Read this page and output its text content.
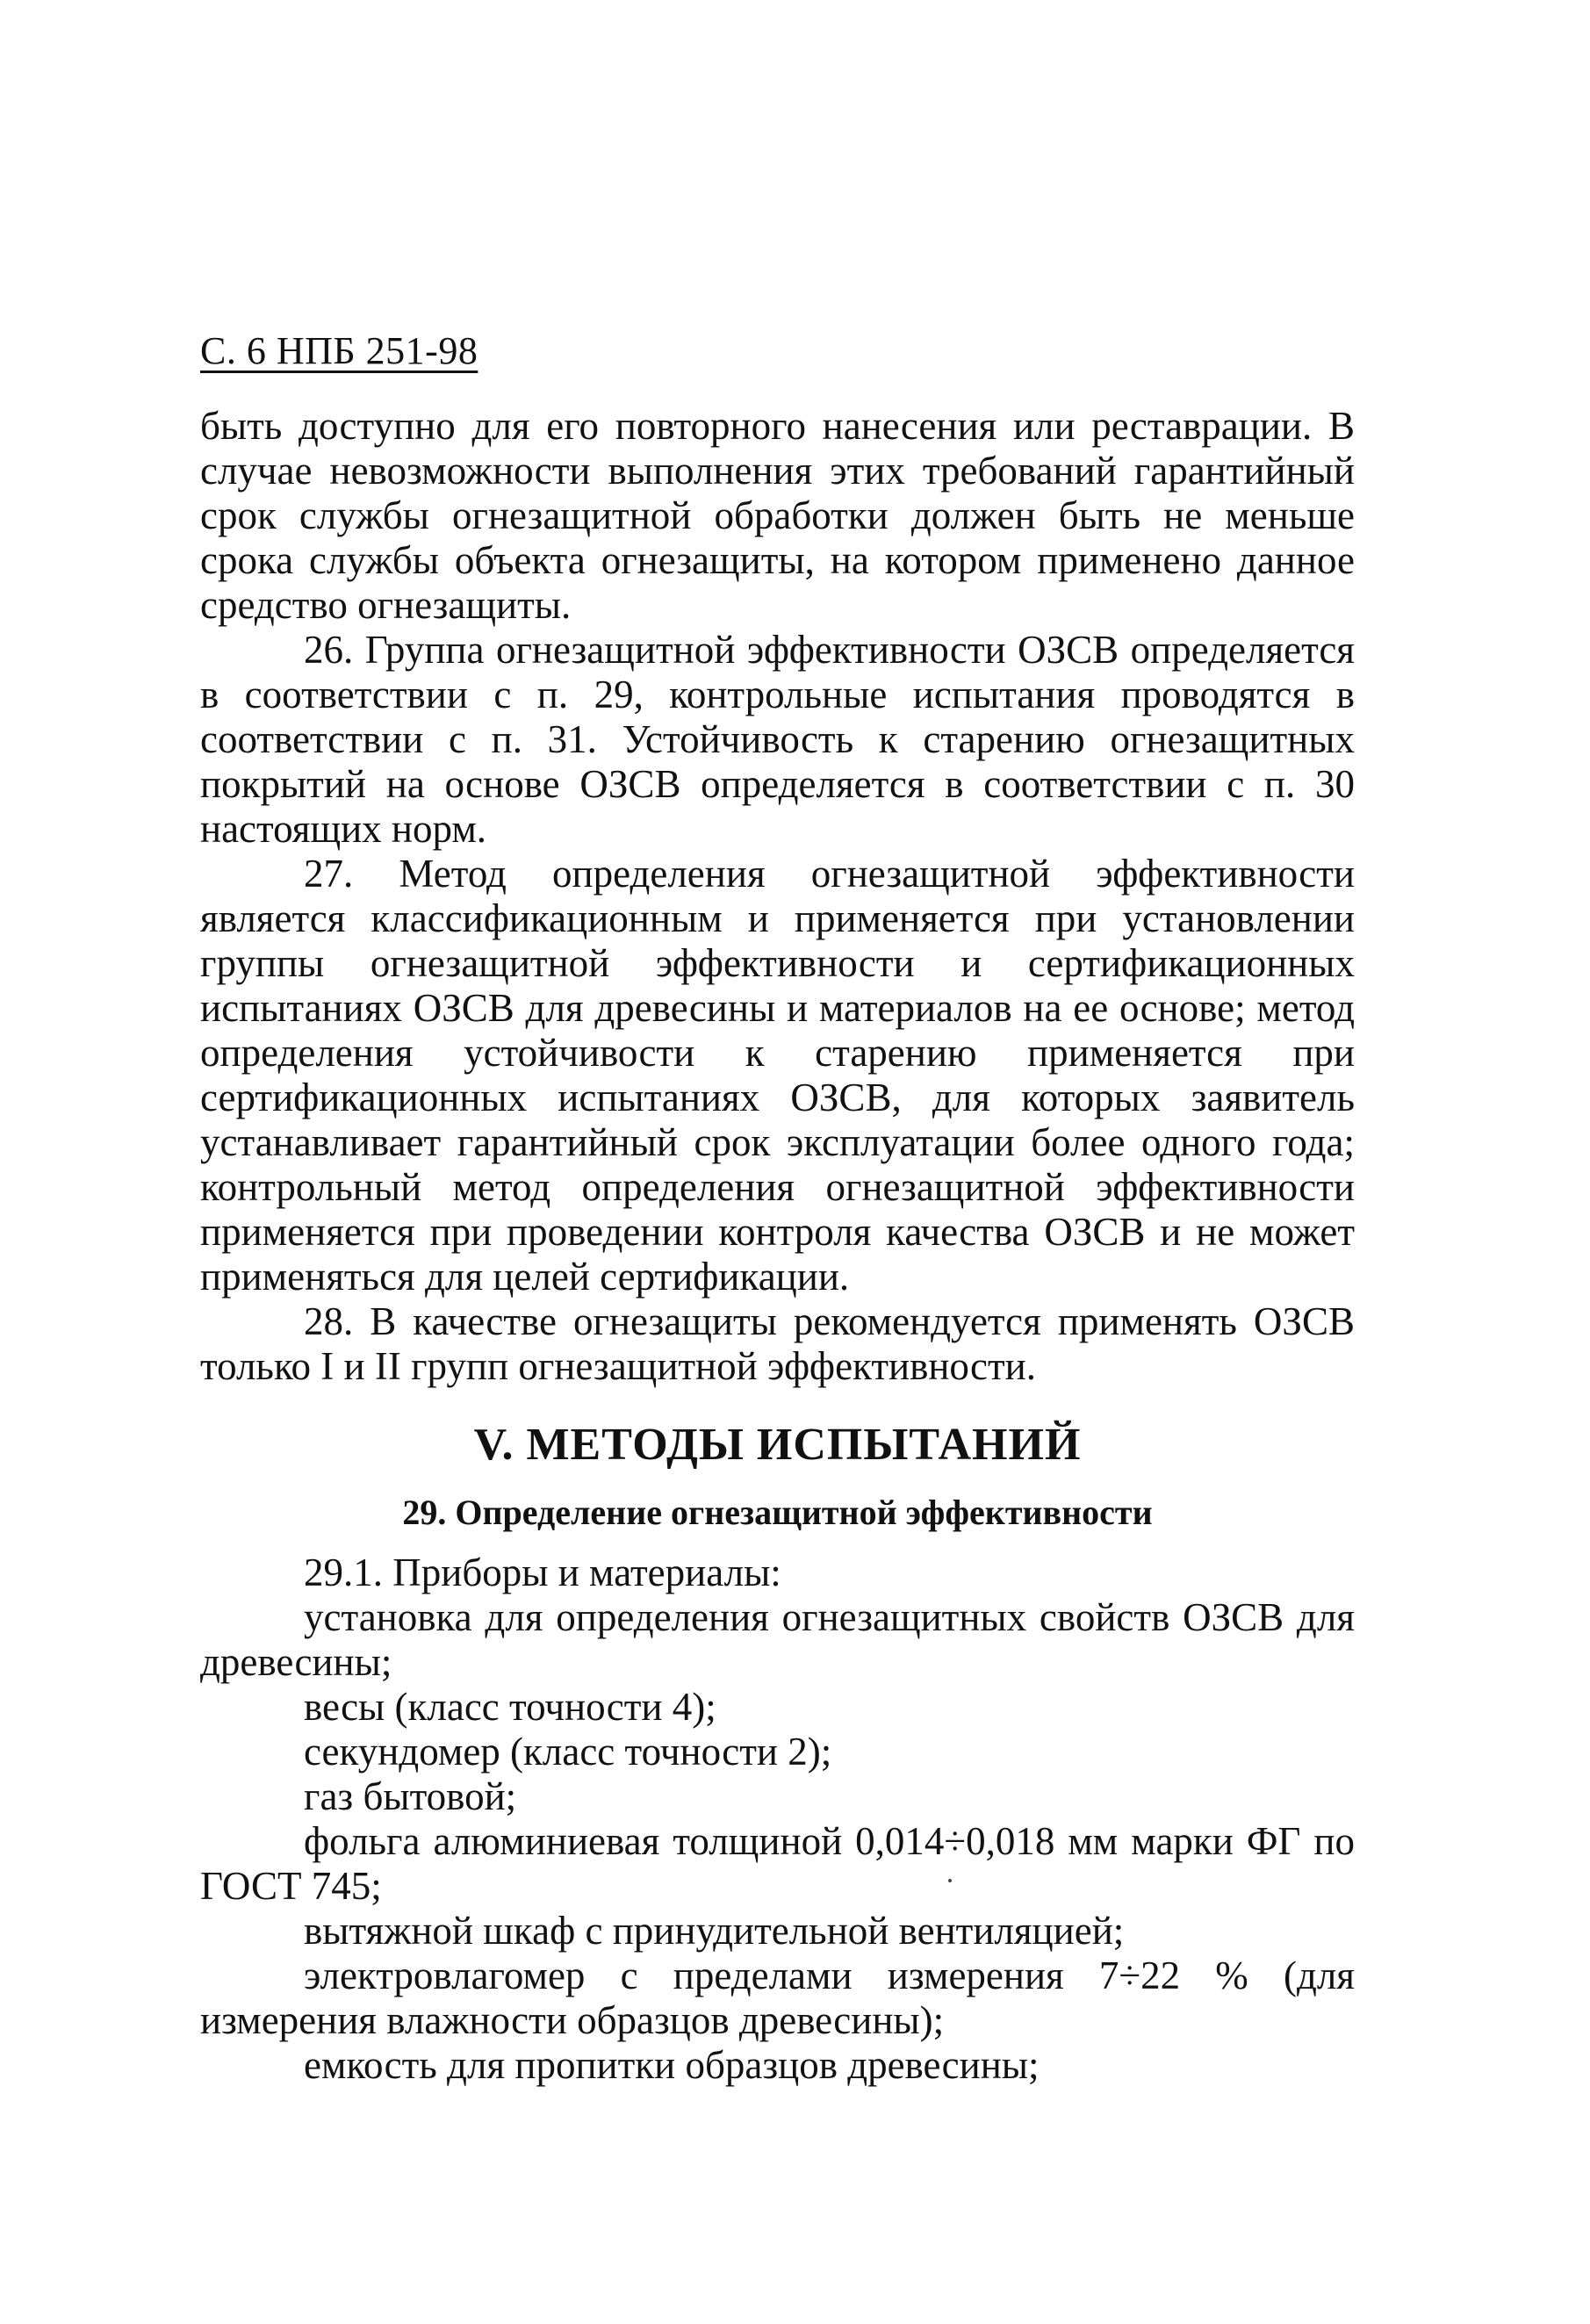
С. 6 НПБ 251-98

быть доступно для его повторного нанесения или реставрации. В случае невозможности выполнения этих требований гарантийный срок службы огнезащитной обработки должен быть не меньше срока службы объекта огнезащиты, на котором применено данное средство огнезащиты.

26. Группа огнезащитной эффективности ОЗСВ определяется в соответствии с п. 29, контрольные испытания проводятся в соответствии с п. 31. Устойчивость к старению огнезащитных покрытий на основе ОЗСВ определяется в соответствии с п. 30 настоящих норм.

27. Метод определения огнезащитной эффективности является классификационным и применяется при установлении группы огнезащитной эффективности и сертификационных испытаниях ОЗСВ для древесины и материалов на ее основе; метод определения устойчивости к старению применяется при сертификационных испытаниях ОЗСВ, для которых заявитель устанавливает гарантийный срок эксплуатации более одного года; контрольный метод определения огнезащитной эффективности применяется при проведении контроля качества ОЗСВ и не может применяться для целей сертификации.

28. В качестве огнезащиты рекомендуется применять ОЗСВ только I и II групп огнезащитной эффективности.

V. МЕТОДЫ ИСПЫТАНИЙ
29. Определение огнезащитной эффективности

29.1. Приборы и материалы:

установка для определения огнезащитных свойств ОЗСВ для древесины;

весы (класс точности 4);

секундомер (класс точности 2);

газ бытовой;

фольга алюминиевая толщиной 0,014÷0,018 мм марки ФГ по ГОСТ 745;

вытяжной шкаф с принудительной вентиляцией;

электровлагомер с пределами измерения 7÷22 % (для измерения влажности образцов древесины);

емкость для пропитки образцов древесины;
